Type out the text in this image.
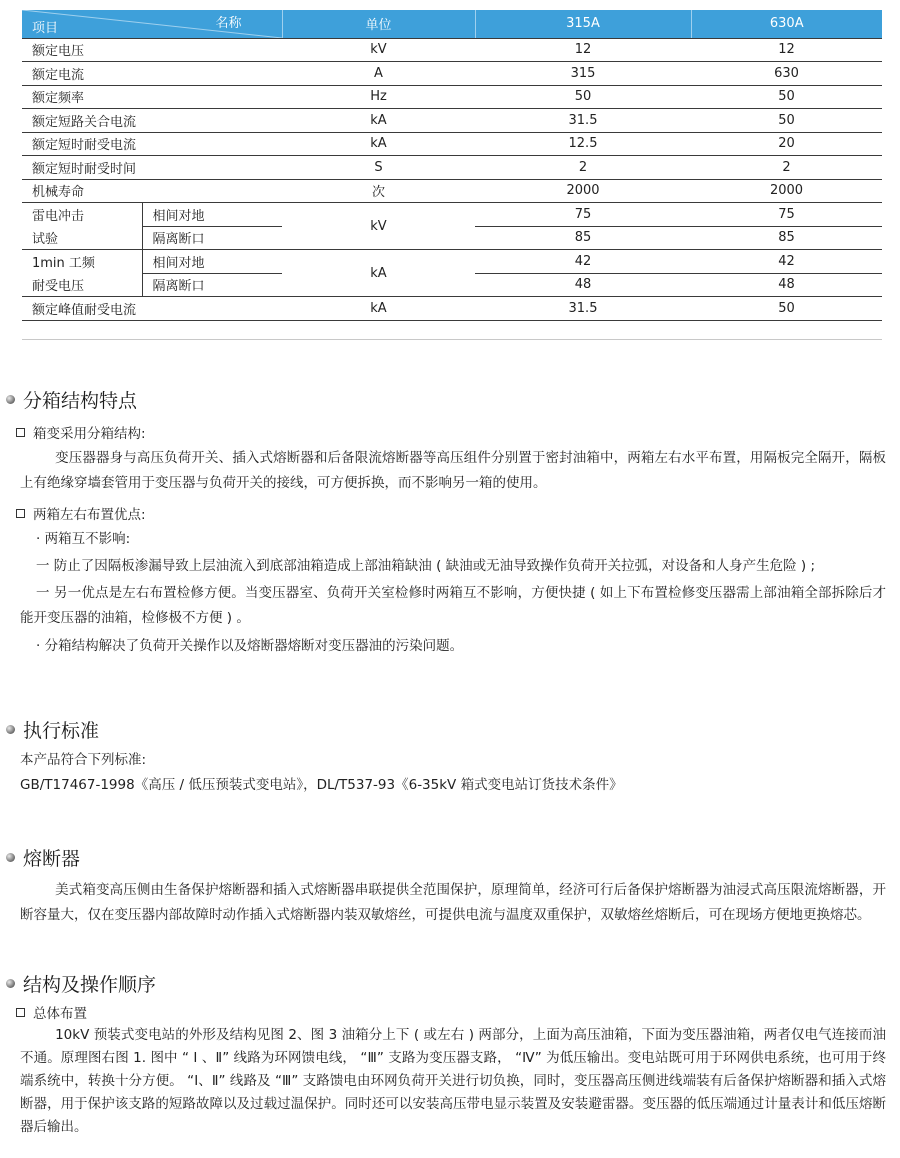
项目 名称		单位	315A	630A
额定电压		kV	12	12
额定电流		A	315	630
额定频率		Hz	50	50
额定短路关合电流		kA	31.5	50
额定短时耐受电流		kA	12.5	20
额定短时耐受时间		S	2	2
机械寿命		次	2000	2000
雷电冲击	相间对地	kV	75	75
试验	隔离断口		85	85
1min 工频	相间对地	kA	42	42
耐受电压	隔离断口		48	48
额定峰值耐受电流		kA	31.5	50
分箱结构特点
箱变采用分箱结构:

变压器器身与高压负荷开关、插入式熔断器和后备限流熔断器等高压组件分别置于密封油箱中，两箱左右水平布置，用隔板完全隔开，隔板上有绝缘穿墙套管用于变压器与负荷开关的接线，可方便拆换，而不影响另一箱的使用。

两箱左右布置优点:
· 两箱互不影响:
一 防止了因隔板渗漏导致上层油流入到底部油箱造成上部油箱缺油 ( 缺油或无油导致操作负荷开关拉弧，对设备和人身产生危险 ) ;

一 另一优点是左右布置检修方便。当变压器室、负荷开关室检修时两箱互不影响，方便快捷 ( 如上下布置检修变压器需上部油箱全部拆除后才能开变压器的油箱，检修极不方便 ) 。

· 分箱结构解决了负荷开关操作以及熔断器熔断对变压器油的污染问题。
执行标准
本产品符合下列标准:
GB/T17467-1998《高压 / 低压预装式变电站》，DL/T537-93《6-35kV 箱式变电站订货技术条件》
熔断器

美式箱变高压侧由生备保护熔断器和插入式熔断器串联提供全范围保护，原理简单，经济可行后备保护熔断器为油浸式高压限流熔断器，开断容量大，仅在变压器内部故障时动作插入式熔断器内装双敏熔丝，可提供电流与温度双重保护，双敏熔丝熔断后，可在现场方便地更换熔芯。

结构及操作顺序
总体布置

10kV 预装式变电站的外形及结构见图 2、图 3 油箱分上下 ( 或左右 ) 两部分，上面为高压油箱，下面为变压器油箱，两者仅电气连接而油不通。原理图右图 1. 图中 “ Ⅰ 、Ⅱ” 线路为环网馈电线， “Ⅲ” 支路为变压器支路， “Ⅳ” 为低压输出。变电站既可用于环网供电系统，也可用于终端系统中，转换十分方便。 “Ⅰ、Ⅱ” 线路及 “Ⅲ” 支路馈电由环网负荷开关进行切负换，同时，变压器高压侧进线端装有后备保护熔断器和插入式熔断器，用于保护该支路的短路故障以及过载过温保护。同时还可以安装高压带电显示装置及安装避雷器。变压器的低压端通过计量表计和低压熔断器后输出。
